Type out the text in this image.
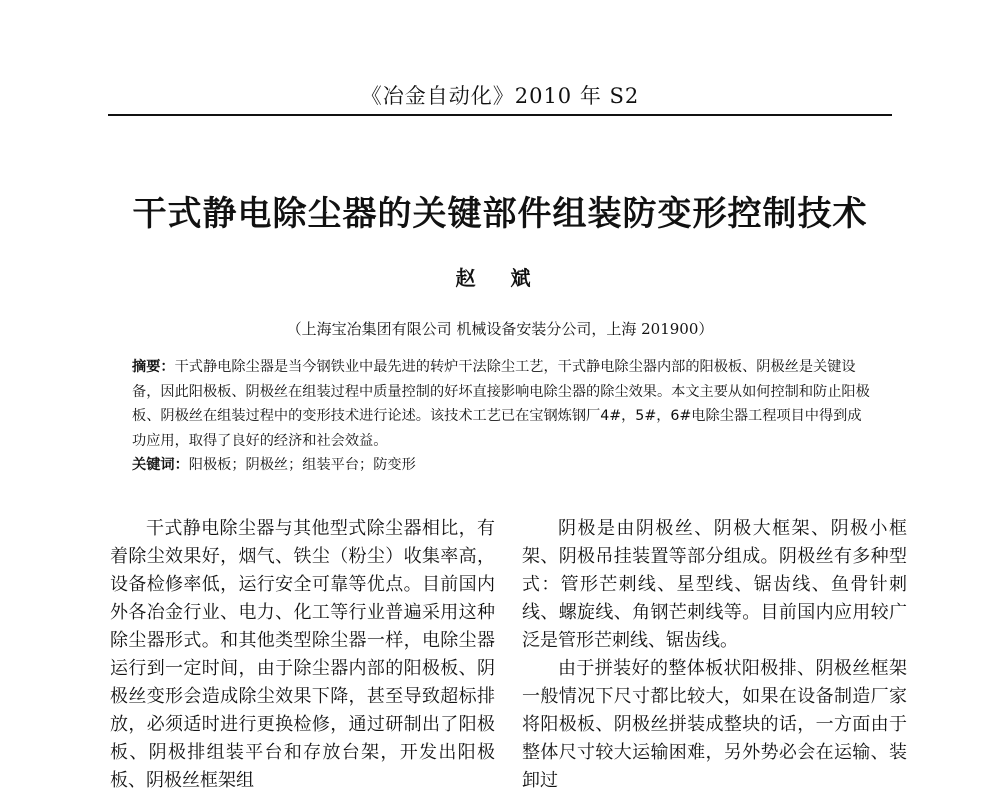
《冶金自动化》2010 年 S2
干式静电除尘器的关键部件组装防变形控制技术
赵 斌
（上海宝冶集团有限公司 机械设备安装分公司，上海 201900）

摘要：干式静电除尘器是当今钢铁业中最先进的转炉干法除尘工艺，干式静电除尘器内部的阳极板、阴极丝是关键设备，因此阳极板、阴极丝在组装过程中质量控制的好坏直接影响电除尘器的除尘效果。本文主要从如何控制和防止阳极板、阴极丝在组装过程中的变形技术进行论述。该技术工艺已在宝钢炼钢厂4#，5#，6#电除尘器工程项目中得到成功应用，取得了良好的经济和社会效益。

关键词：阳极板；阴极丝；组装平台；防变形

干式静电除尘器与其他型式除尘器相比，有着除尘效果好，烟气、铁尘（粉尘）收集率高，设备检修率低，运行安全可靠等优点。目前国内外各冶金行业、电力、化工等行业普遍采用这种除尘器形式。和其他类型除尘器一样，电除尘器运行到一定时间，由于除尘器内部的阳极板、阴极丝变形会造成除尘效果下降，甚至导致超标排放，必须适时进行更换检修，通过研制出了阳极板、阴极排组装平台和存放台架，开发出阳极板、阴极丝框架组

阴极是由阴极丝、阴极大框架、阴极小框架、阴极吊挂装置等部分组成。阴极丝有多种型式：管形芒刺线、星型线、锯齿线、鱼骨针刺线、螺旋线、角钢芒刺线等。目前国内应用较广泛是管形芒刺线、锯齿线。

由于拼装好的整体板状阳极排、阴极丝框架一般情况下尺寸都比较大，如果在设备制造厂家将阳极板、阴极丝拼装成整块的话，一方面由于整体尺寸较大运输困难，另外势必会在运输、装卸过
